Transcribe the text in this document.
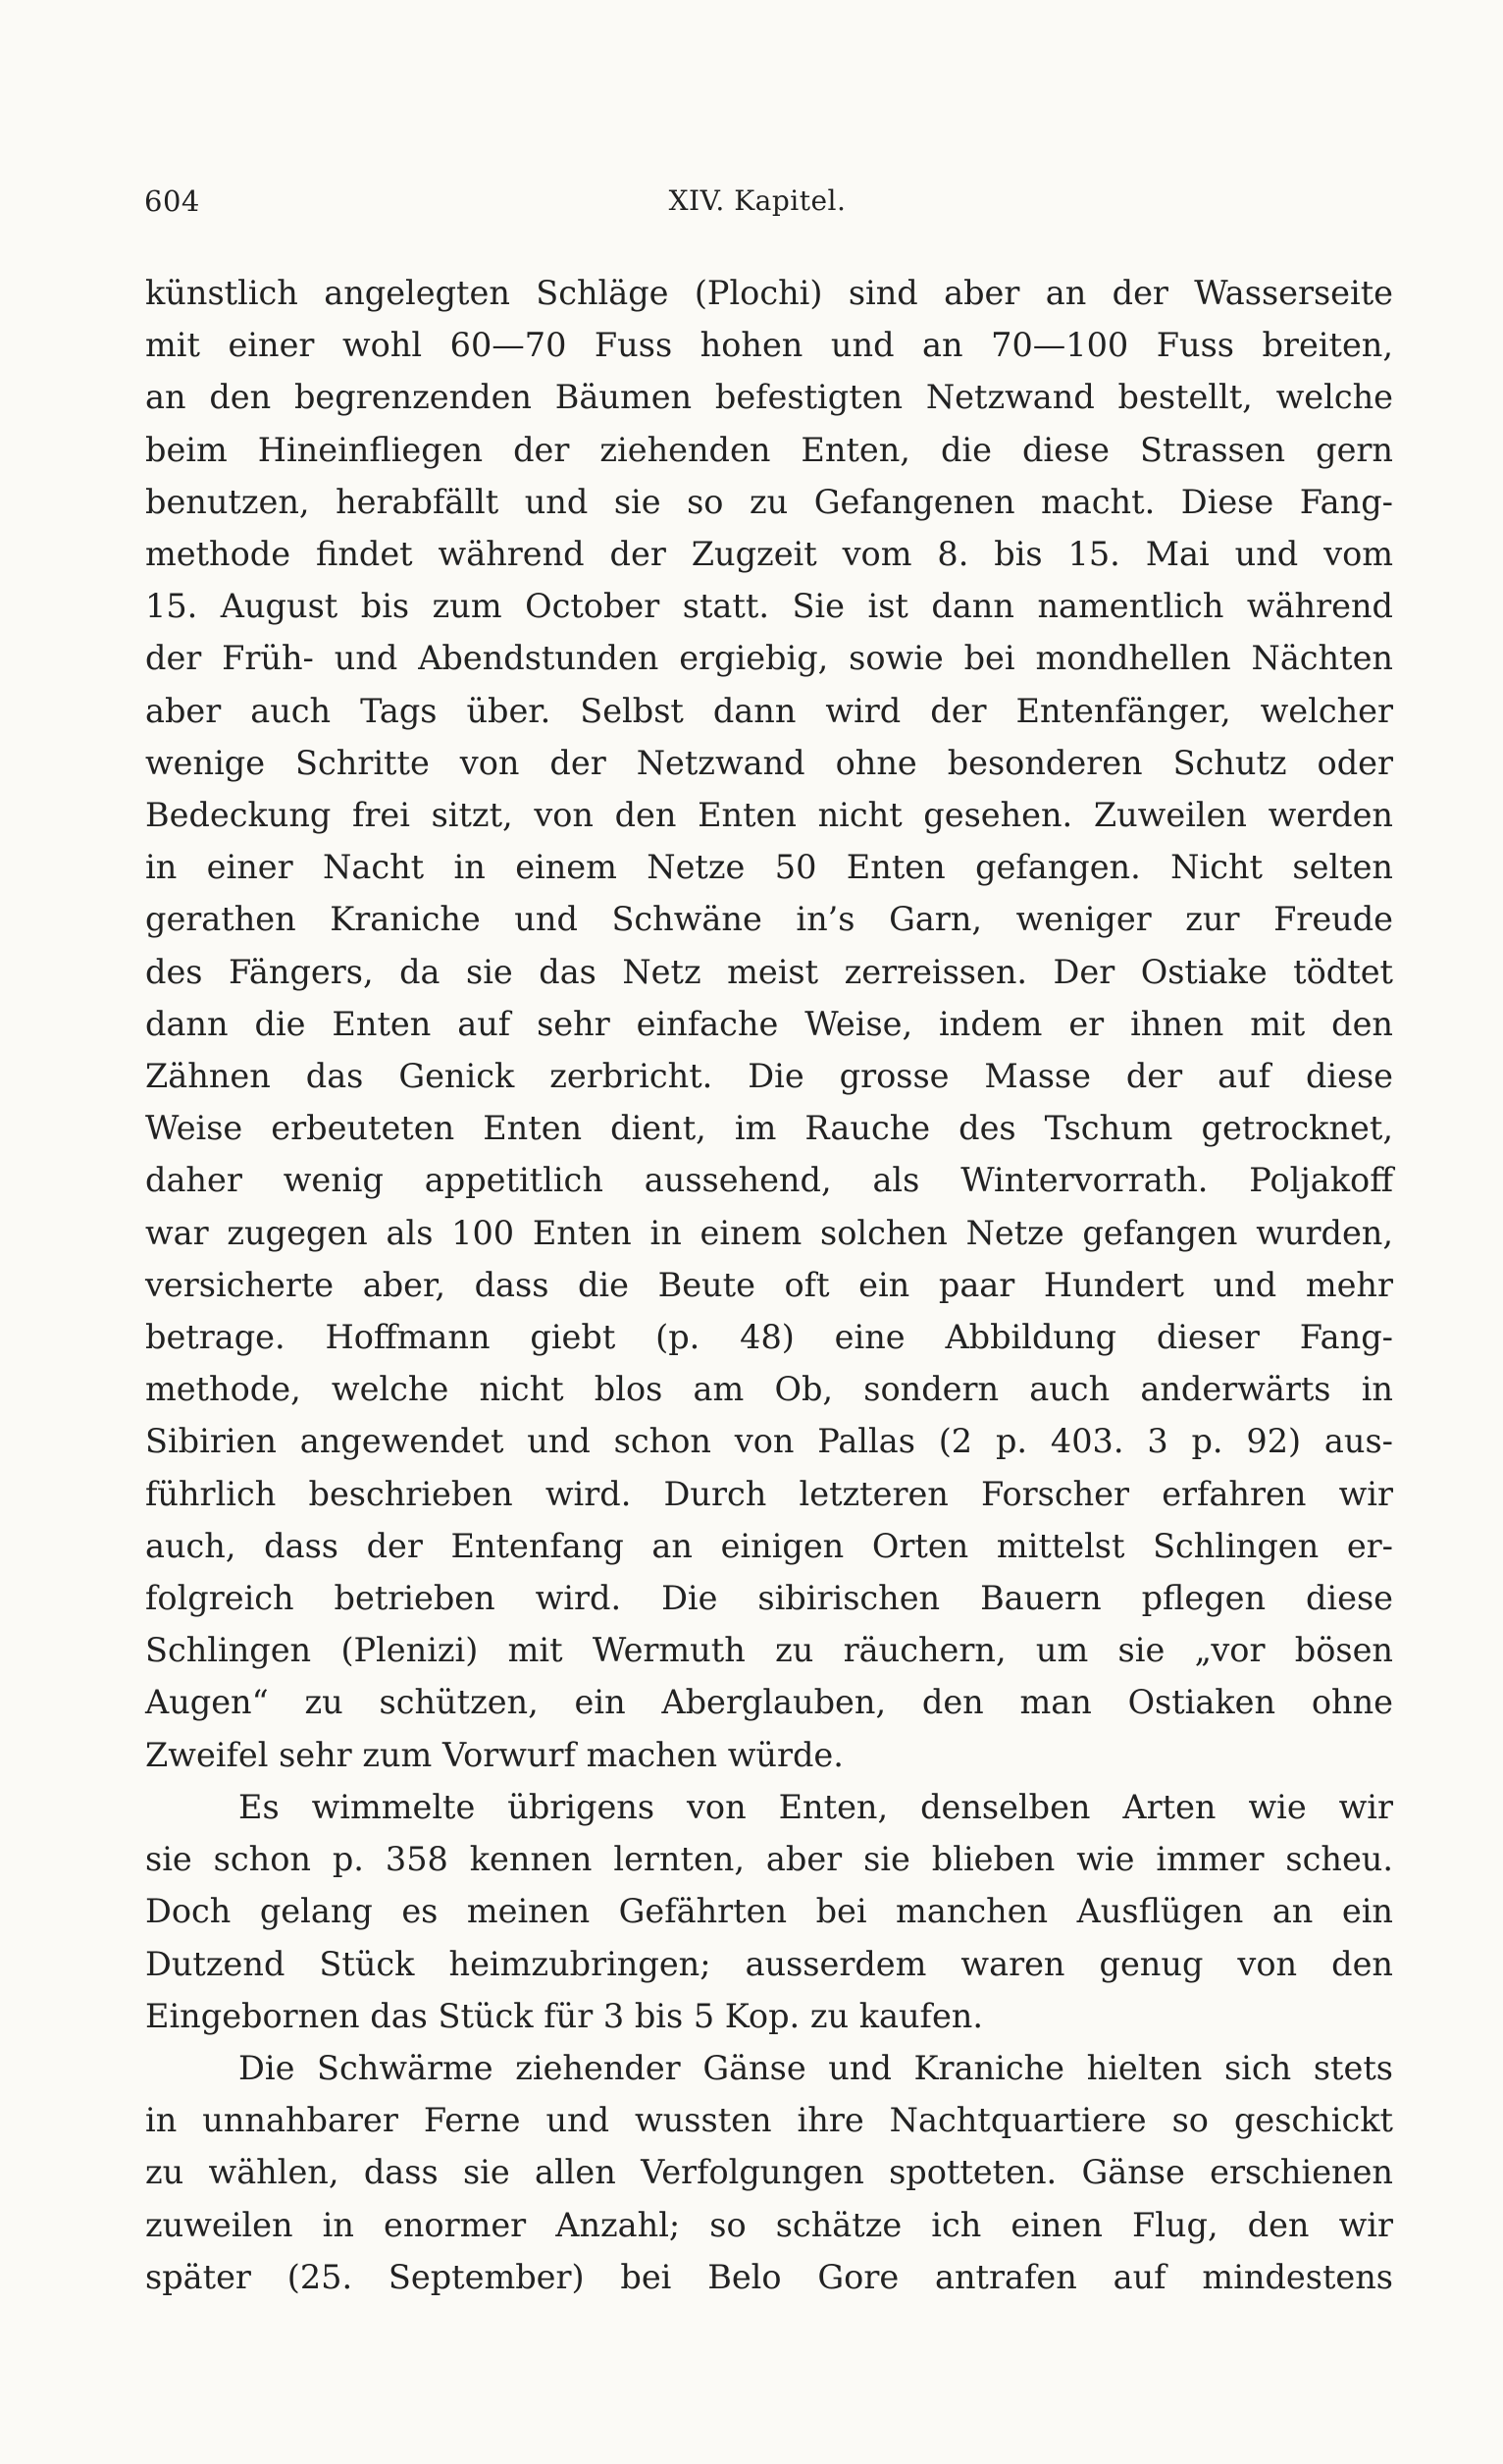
604	XIV. Kapitel.
künstlich angelegten Schläge (Plochi) sind aber an der Wasserseite
mit einer wohl 60—70 Fuss hohen und an 70—100 Fuss breiten,
an den begrenzenden Bäumen befestigten Netzwand bestellt, welche
beim Hineinfliegen der ziehenden Enten, die diese Strassen gern
benutzen, herabfällt und sie so zu Gefangenen macht. Diese Fang-
methode findet während der Zugzeit vom 8. bis 15. Mai und vom
15. August bis zum October statt. Sie ist dann namentlich während
der Früh- und Abendstunden ergiebig, sowie bei mondhellen Nächten
aber auch Tags über. Selbst dann wird der Entenfänger, welcher
wenige Schritte von der Netzwand ohne besonderen Schutz oder
Bedeckung frei sitzt, von den Enten nicht gesehen. Zuweilen werden
in einer Nacht in einem Netze 50 Enten gefangen. Nicht selten
gerathen Kraniche und Schwäne in’s Garn, weniger zur Freude
des Fängers, da sie das Netz meist zerreissen. Der Ostiake tödtet
dann die Enten auf sehr einfache Weise, indem er ihnen mit den
Zähnen das Genick zerbricht. Die grosse Masse der auf diese
Weise erbeuteten Enten dient, im Rauche des Tschum getrocknet,
daher wenig appetitlich aussehend, als Wintervorrath. Poljakoff
war zugegen als 100 Enten in einem solchen Netze gefangen wurden,
versicherte aber, dass die Beute oft ein paar Hundert und mehr
betrage. Hoffmann giebt (p. 48) eine Abbildung dieser Fang-
methode, welche nicht blos am Ob, sondern auch anderwärts in
Sibirien angewendet und schon von Pallas (2 p. 403. 3 p. 92) aus-
führlich beschrieben wird. Durch letzteren Forscher erfahren wir
auch, dass der Entenfang an einigen Orten mittelst Schlingen er-
folgreich betrieben wird. Die sibirischen Bauern pflegen diese
Schlingen (Plenizi) mit Wermuth zu räuchern, um sie „vor bösen
Augen“ zu schützen, ein Aberglauben, den man Ostiaken ohne
Zweifel sehr zum Vorwurf machen würde.
Es wimmelte übrigens von Enten, denselben Arten wie wir
sie schon p. 358 kennen lernten, aber sie blieben wie immer scheu.
Doch gelang es meinen Gefährten bei manchen Ausflügen an ein
Dutzend Stück heimzubringen; ausserdem waren genug von den
Eingebornen das Stück für 3 bis 5 Kop. zu kaufen.
Die Schwärme ziehender Gänse und Kraniche hielten sich stets
in unnahbarer Ferne und wussten ihre Nachtquartiere so geschickt
zu wählen, dass sie allen Verfolgungen spotteten. Gänse erschienen
zuweilen in enormer Anzahl; so schätze ich einen Flug, den wir
später (25. September) bei Belo Gore antrafen auf mindestens
